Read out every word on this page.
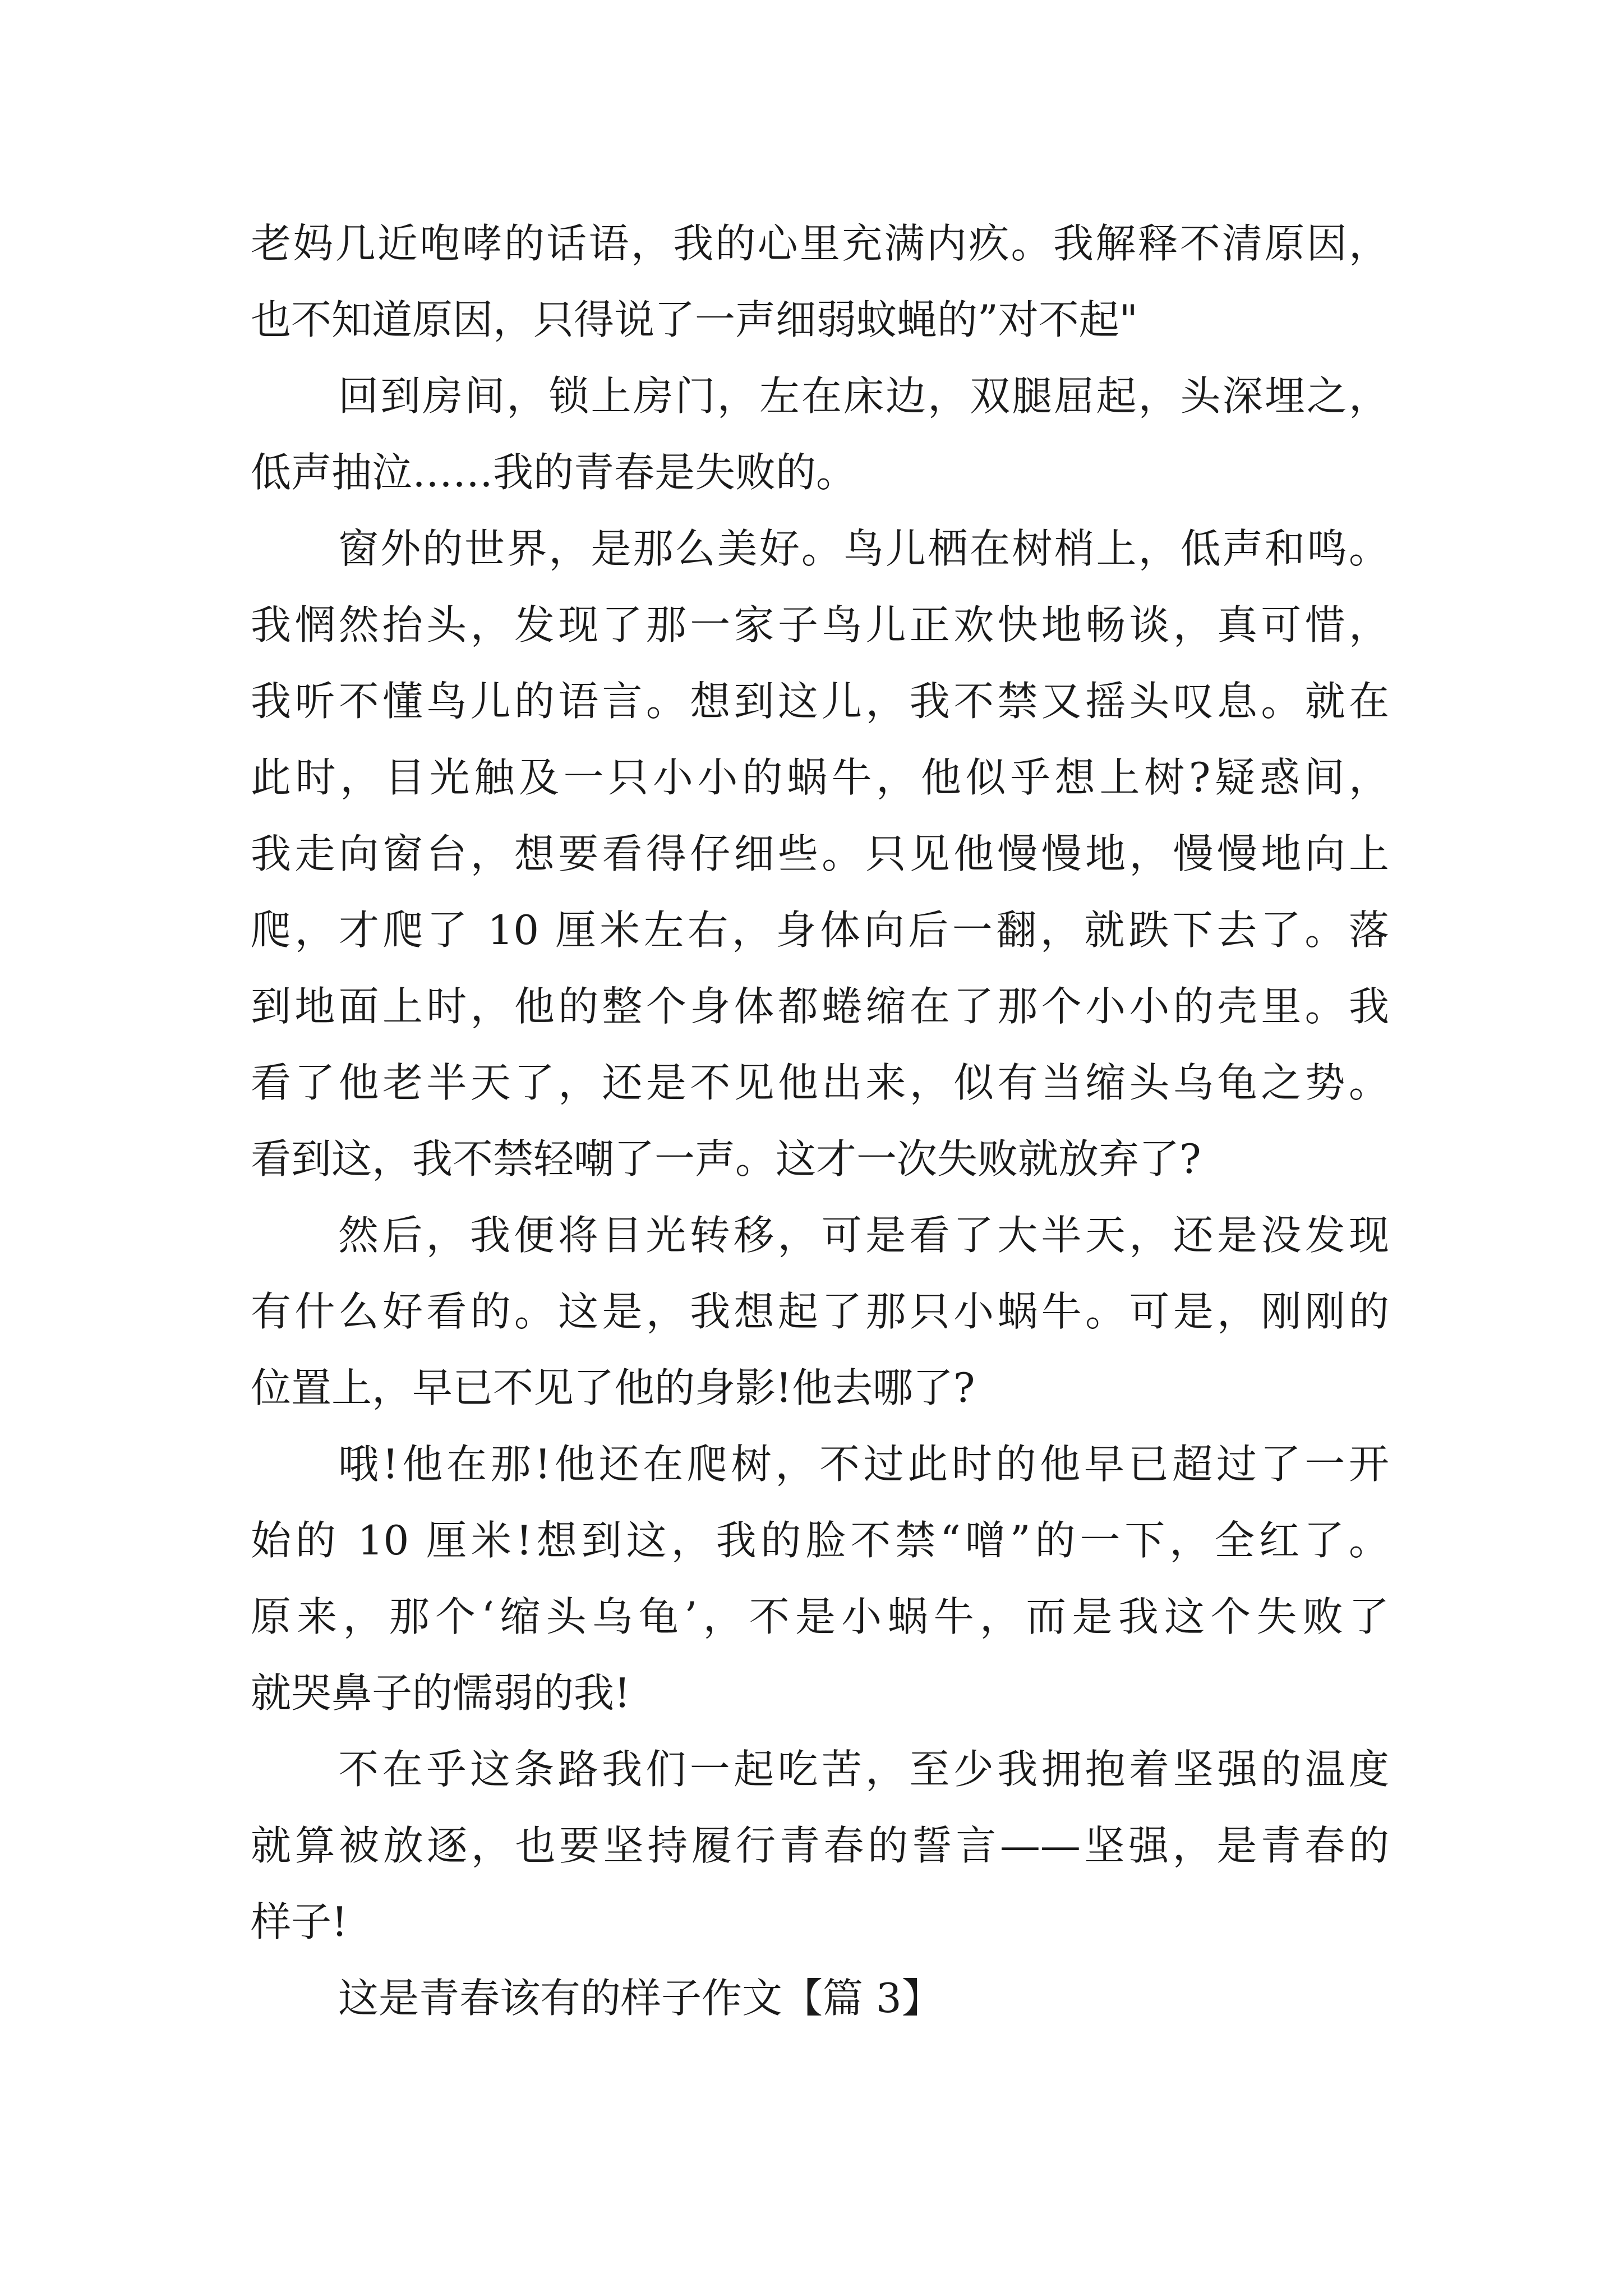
老妈几近咆哮的话语，我的心里充满内疚。我解释不清原因，
也不知道原因，只得说了一声细弱蚊蝇的”对不起"
回到房间，锁上房门，左在床边，双腿屈起，头深埋之，
低声抽泣……我的青春是失败的。
窗外的世界，是那么美好。鸟儿栖在树梢上，低声和鸣。
我惘然抬头，发现了那一家子鸟儿正欢快地畅谈，真可惜，
我听不懂鸟儿的语言。想到这儿，我不禁又摇头叹息。就在
此时，目光触及一只小小的蜗牛，他似乎想上树?疑惑间，
我走向窗台，想要看得仔细些。只见他慢慢地，慢慢地向上
爬，才爬了 10 厘米左右，身体向后一翻，就跌下去了。落
到地面上时，他的整个身体都蜷缩在了那个小小的壳里。我
看了他老半天了，还是不见他出来，似有当缩头乌龟之势。
看到这，我不禁轻嘲了一声。这才一次失败就放弃了?
然后，我便将目光转移，可是看了大半天，还是没发现
有什么好看的。这是，我想起了那只小蜗牛。可是，刚刚的
位置上，早已不见了他的身影!他去哪了?
哦!他在那!他还在爬树，不过此时的他早已超过了一开
始的 10 厘米!想到这，我的脸不禁“噌”的一下，全红了。
原来，那个‘缩头乌龟’，不是小蜗牛，而是我这个失败了
就哭鼻子的懦弱的我!
不在乎这条路我们一起吃苦，至少我拥抱着坚强的温度
就算被放逐，也要坚持履行青春的誓言——坚强，是青春的
样子!
这是青春该有的样子作文【篇 3】
